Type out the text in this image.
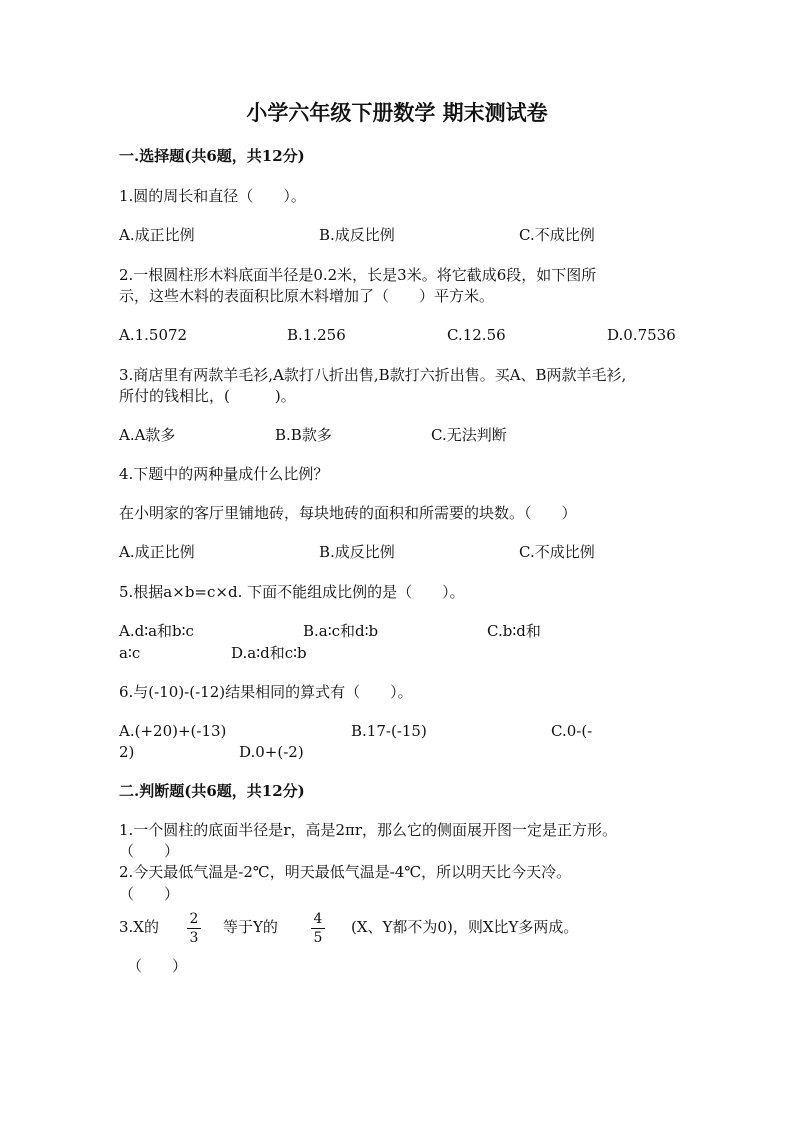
小学六年级下册数学 期末测试卷
一.选择题(共6题，共12分)
1.圆的周长和直径（　　）。
A.成正比例	B.成反比例	C.不成比例
2.一根圆柱形木料底面半径是0.2米，长是3米。将它截成6段，如下图所
示，这些木料的表面积比原木料增加了（　　）平方米。
A.1.5072	B.1.256	C.12.56	D.0.7536
3.商店里有两款羊毛衫,A款打八折出售,B款打六折出售。买A、B两款羊毛衫,
所付的钱相比，(　　　)。
A.A款多	B.B款多	C.无法判断
4.下题中的两种量成什么比例？
在小明家的客厅里铺地砖，每块地砖的面积和所需要的块数。（　　）
A.成正比例	B.成反比例	C.不成比例
5.根据a×b=c×d. 下面不能组成比例的是（　　）。
A.d∶a和b∶c	B.a∶c和d∶b	C.b∶d和
a∶c	D.a∶d和c∶b
6.与(-10)-(-12)结果相同的算式有（　　）。
A.(+20)+(-13)	B.17-(-15)	C.0-(-
2)	D.0+(-2)
二.判断题(共6题，共12分)
1.一个圆柱的底面半径是r，高是2πr，那么它的侧面展开图一定是正方形。
（　　）
2.今天最低气温是-2℃，明天最低气温是-4℃，所以明天比今天冷。
（　　）
3.X的 2
3
等于Y的	4
5
(X、Y都不为0)，则X比Y多两成。
（　　）
